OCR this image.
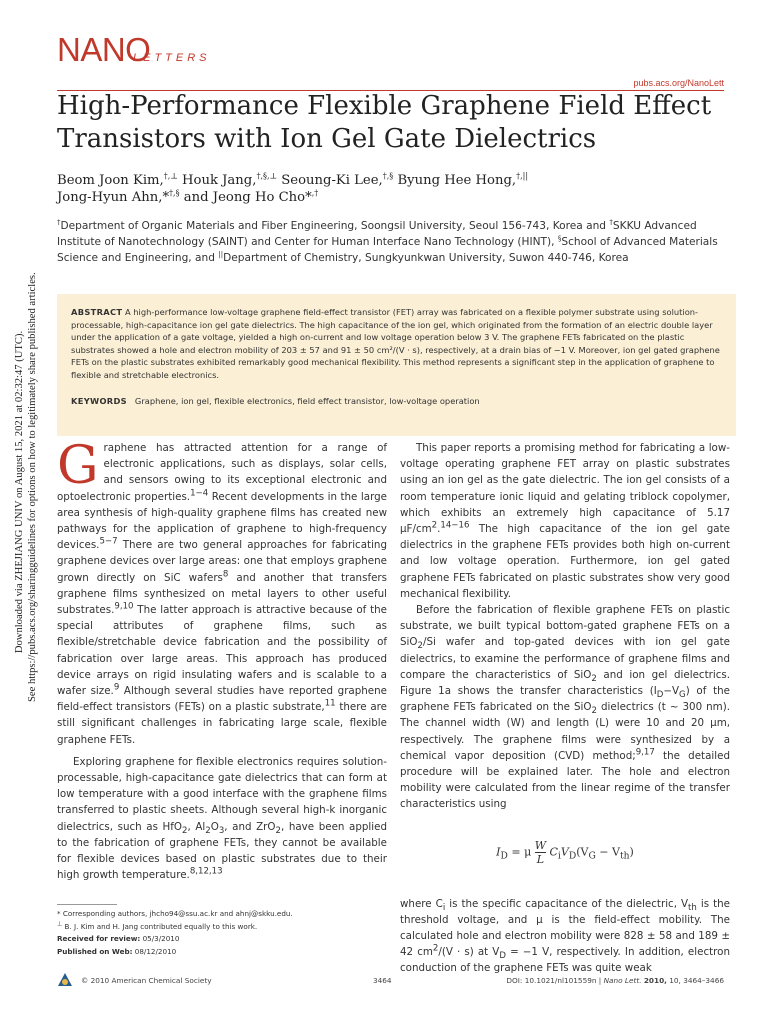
NANO
LETTERS
pubs.acs.org/NanoLett
High-Performance Flexible Graphene Field Effect Transistors with Ion Gel Gate Dielectrics
Beom Joon Kim,†,⊥ Houk Jang,†,§,⊥ Seoung-Ki Lee,†,§ Byung Hee Hong,†,||
Jong-Hyun Ahn,*†,§ and Jeong Ho Cho*,†
†Department of Organic Materials and Fiber Engineering, Soongsil University, Seoul 156-743, Korea and †SKKU Advanced Institute of Nanotechnology (SAINT) and Center for Human Interface Nano Technology (HINT), §School of Advanced Materials Science and Engineering, and ||Department of Chemistry, Sungkyunkwan University, Suwon 440-746, Korea
Downloaded via ZHEJIANG UNIV on August 15, 2021 at 02:32:47 (UTC). See https://pubs.acs.org/sharingguidelines for options on how to legitimately share published articles.	ABSTRACT A high-performance low-voltage graphene field-effect transistor (FET) array was fabricated on a flexible polymer substrate using solution-processable, high-capacitance ion gel gate dielectrics. The high capacitance of the ion gel, which originated from the formation of an electric double layer under the application of a gate voltage, yielded a high on-current and low voltage operation below 3 V. The graphene FETs fabricated on the plastic substrates showed a hole and electron mobility of 203 ± 57 and 91 ± 50 cm²/(V · s), respectively, at a drain bias of −1 V. Moreover, ion gel gated graphene FETs on the plastic substrates exhibited remarkably good mechanical flexibility. This method represents a significant step in the application of graphene to flexible and stretchable electronics.
KEYWORDS Graphene, ion gel, flexible electronics, field effect transistor, low-voltage operation

Graphene has attracted attention for a range of electronic applications, such as displays, solar cells, and sensors owing to its exceptional electronic and optoelectronic properties.$^{1-4}$ Recent developments in the large area synthesis of high-quality graphene films has created new pathways for the application of graphene to high-frequency devices.$^{5-7}$ There are two general approaches for fabricating graphene devices over large areas: one that employs graphene grown directly on SiC wafers$^8$ and another that transfers graphene films synthesized on metal layers to other useful substrates.$^{9,10}$ The latter approach is attractive because of the special attributes of graphene films, such as flexible/stretchable device fabrication and the possibility of fabrication over large areas. This approach has produced device arrays on rigid insulating wafers and is scalable to a wafer size.$^9$ Although several studies have reported graphene field-effect transistors (FETs) on a plastic substrate,$^{11}$ there are still significant challenges in fabricating large scale, flexible graphene FETs.

Exploring graphene for flexible electronics requires solution-processable, high-capacitance gate dielectrics that can form at low temperature with a good interface with the graphene films transferred to plastic sheets. Although several high-k inorganic dielectrics, such as HfO$_2$, $Al_2O_3$, and ZrO$_2$, have been applied to the fabrication of graphene FETs, they cannot be available for flexible devices based on plastic substrates due to their high growth temperature.$^{8,12,13}$

This paper reports a promising method for fabricating a low-voltage operating graphene FET array on plastic substrates using an ion gel as the gate dielectric. The ion gel consists of a room temperature ionic liquid and gelating triblock copolymer, which exhibits an extremely high capacitance of 5.17 $\mu F/cm^2.^{14-16}$ The high capacitance of the ion gel gate dielectrics in the graphene FETs provides both high on-current and low voltage operation. Furthermore, ion gel gated graphene FETs fabricated on plastic substrates show very good mechanical flexibility.

Before the fabrication of flexible graphene FETs on plastic substrate, we built typical bottom-gated graphene FETs on a SiO$_2$/Si wafer and top-gated devices with ion gel gate dielectrics, to examine the performance of graphene films and compare the characteristics of SiO$_2$ and ion gel dielectrics. Figure 1a shows the transfer characteristics $(I_D-V_G)$ of the graphene FETs fabricated on the SiO$_2$ dielectrics (t ~ 300 nm). The channel width (W) and length (L) were 10 and 20 μm, respectively. The graphene films were synthesized by a chemical vapor deposition (CVD) method;$^{9,17}$ the detailed procedure will be explained later. The hole and electron mobility were calculated from the linear regime of the transfer characteristics using

$I_D = \mu \frac{W}{L} C_iV_D(V_G - V_{th})$

where $C_i$ is the specific capacitance of the dielectric, $V_{th}$ is the threshold voltage, and μ is the field-effect mobility. The calculated hole and electron mobility were 828 ± 58 and 189 ± 42 $cm^2/(V \cdot s)$ at $V_D = -1$ V, respectively. In addition, electron conduction of the graphene FETs was quite weak

* Corresponding authors, jhcho94@ssu.ac.kr and ahnj@skku.edu.
⊥ B. J. Kim and H. Jang contributed equally to this work.
Received for review: 05/3/2010
Published on Web: 08/12/2010
© 2010 American Chemical Society	3464	DOI: 10.1021/nl101559n | Nano Lett. 2010, 10, 3464–3466
